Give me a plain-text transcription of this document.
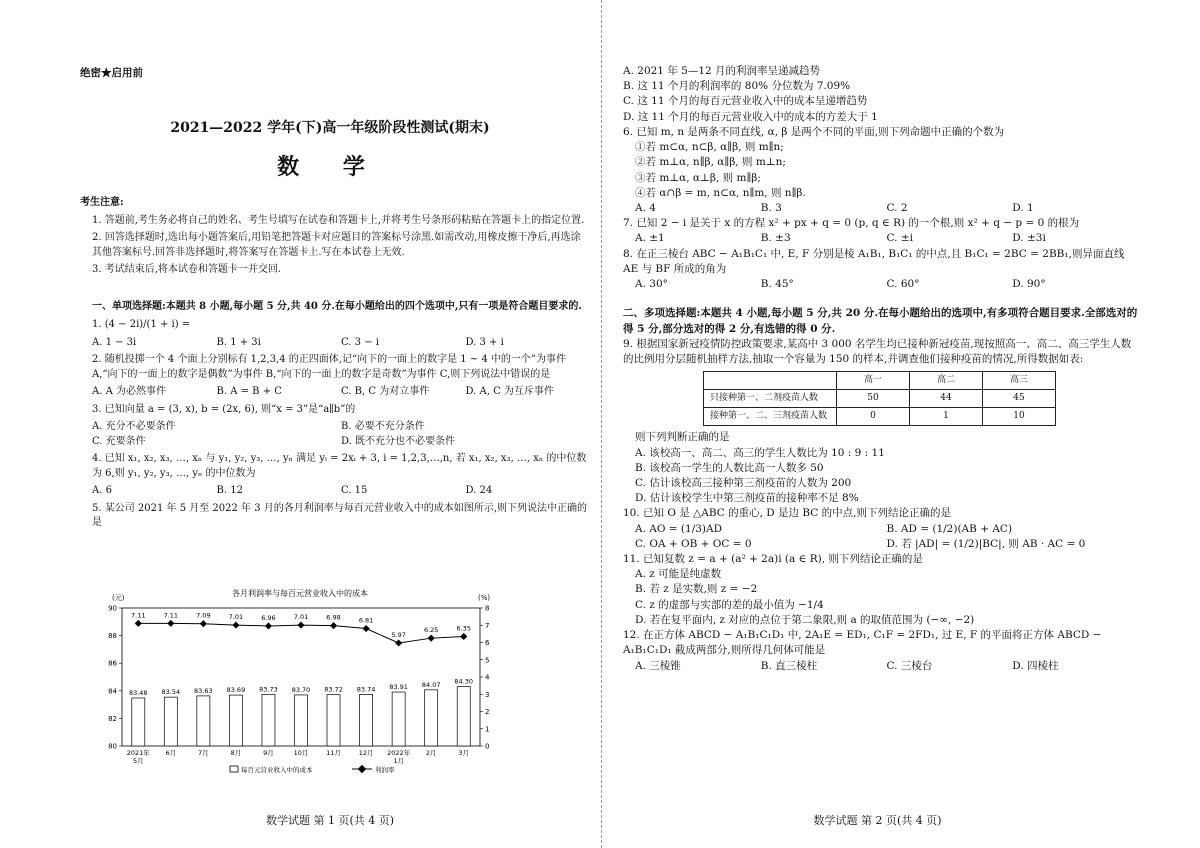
绝密★启用前
2021—2022 学年(下)高一年级阶段性测试(期末)
数 学
考生注意:

1. 答题前,考生务必将自己的姓名、考生号填写在试卷和答题卡上,并将考生号条形码粘贴在答题卡上的指定位置.

2. 回答选择题时,选出每小题答案后,用铅笔把答题卡对应题目的答案标号涂黑.如需改动,用橡皮擦干净后,再选涂其他答案标号.回答非选择题时,将答案写在答题卡上.写在本试卷上无效.

3. 考试结束后,将本试卷和答题卡一并交回.

一、单项选择题:本题共 8 小题,每小题 5 分,共 40 分.在每小题给出的四个选项中,只有一项是符合题目要求的.

1. (4 − 2i)/(1 + i) =

A. 1 − 3i	B. 1 + 3i	C. 3 − i	D. 3 + i

2. 随机投掷一个 4 个面上分别标有 1,2,3,4 的正四面体,记“向下的一面上的数字是 1 ~ 4 中的一个”为事件 A,“向下的一面上的数字是偶数”为事件 B,“向下的一面上的数字是奇数”为事件 C,则下列说法中错误的是

A. A 为必然事件	B. A = B + C	C. B, C 为对立事件	D. A, C 为互斥事件

3. 已知向量 a = (3, x), b = (2x, 6), 则“x = 3”是“a∥b”的

A. 充分不必要条件	B. 必要不充分条件
C. 充要条件	D. 既不充分也不必要条件

4. 已知 x₁, x₂, x₃, …, xₙ 与 y₁, y₂, y₃, …, yₙ 满足 yᵢ = 2xᵢ + 3, i = 1,2,3,…,n, 若 x₁, x₂, x₃, …, xₙ 的中位数为 6,则 y₁, y₂, y₃, …, yₙ 的中位数为

A. 6	B. 12	C. 15	D. 24

5. 某公司 2021 年 5 月至 2022 年 3 月的各月利润率与每百元营业收入中的成本如图所示,则下列说法中正确的是

数学试题 第 1 页(共 4 页)
各月利润率与每百元营业收入中的成本
(元)	(%)
80
82
84
86
88
90
0
1
2
3
4
5
6
7
8
83.48
2021年
5月
83.54
6月
83.63
7月
83.69
8月
83.73
9月
83.70
10月
83.72
11月
83.74
12月
83.91
2022年
1月
84.07
2月
84.30
3月
7.11	7.11	7.09	7.01	6.96	7.01	6.98	6.81
5.97
6.25	6.35
每百元营业收入中的成本	利润率

A. 2021 年 5—12 月的利润率呈递减趋势

B. 这 11 个月的利润率的 80% 分位数为 7.09%

C. 这 11 个月的每百元营业收入中的成本呈递增趋势

D. 这 11 个月的每百元营业收入中的成本的方差大于 1

6. 已知 m, n 是两条不同直线, α, β 是两个不同的平面,则下列命题中正确的个数为

①若 m⊂α, n⊂β, α∥β, 则 m∥n;

②若 m⊥α, n∥β, α∥β, 则 m⊥n;

③若 m⊥α, α⊥β, 则 m∥β;

④若 α∩β = m, n⊂α, n∥m, 则 n∥β.

A. 4	B. 3	C. 2	D. 1

7. 已知 2 − i 是关于 x 的方程 x² + px + q = 0 (p, q ∈ R) 的一个根,则 x² + q − p = 0 的根为

A. ±1	B. ±3	C. ±i	D. ±3i

8. 在正三棱台 ABC − A₁B₁C₁ 中, E, F 分别是棱 A₁B₁, B₁C₁ 的中点,且 B₁C₁ = 2BC = 2BB₁,则异面直线 AE 与 BF 所成的角为

A. 30°	B. 45°	C. 60°	D. 90°

二、多项选择题:本题共 4 小题,每小题 5 分,共 20 分.在每小题给出的选项中,有多项符合题目要求.全部选对的得 5 分,部分选对的得 2 分,有选错的得 0 分.

9. 根据国家新冠疫情防控政策要求,某高中 3 000 名学生均已接种新冠疫苗,现按照高一、高二、高三学生人数的比例用分层随机抽样方法,抽取一个容量为 150 的样本,并调查他们接种疫苗的情况,所得数据如表:

	高一	高二	高三
只接种第一、二剂疫苗人数	50	44	45
接种第一、二、三剂疫苗人数	0	1	10

则下列判断正确的是

A. 该校高一、高二、高三的学生人数比为 10 : 9 : 11

B. 该校高一学生的人数比高一人数多 50

C. 估计该校高三接种第三剂疫苗的人数为 200

D. 估计该校学生中第三剂疫苗的接种率不足 8%

10. 已知 O 是 △ABC 的重心, D 是边 BC 的中点,则下列结论正确的是

A. AO = (1/3)AD	B. AD = (1/2)(AB + AC)
C. OA + OB + OC = 0	D. 若 |AD| = (1/2)|BC|, 则 AB · AC = 0

11. 已知复数 z = a + (a² + 2a)i (a ∈ R), 则下列结论正确的是

A. z 可能是纯虚数

B. 若 z 是实数,则 z = −2

C. z 的虚部与实部的差的最小值为 −1/4

D. 若在复平面内, z 对应的点位于第二象限,则 a 的取值范围为 (−∞, −2)

12. 在正方体 ABCD − A₁B₁C₁D₁ 中, 2A₁E = ED₁, C₁F = 2FD₁, 过 E, F 的平面将正方体 ABCD − A₁B₁C₁D₁ 截成两部分,则所得几何体可能是

A. 三棱锥	B. 直三棱柱	C. 三棱台	D. 四棱柱
数学试题 第 2 页(共 4 页)
